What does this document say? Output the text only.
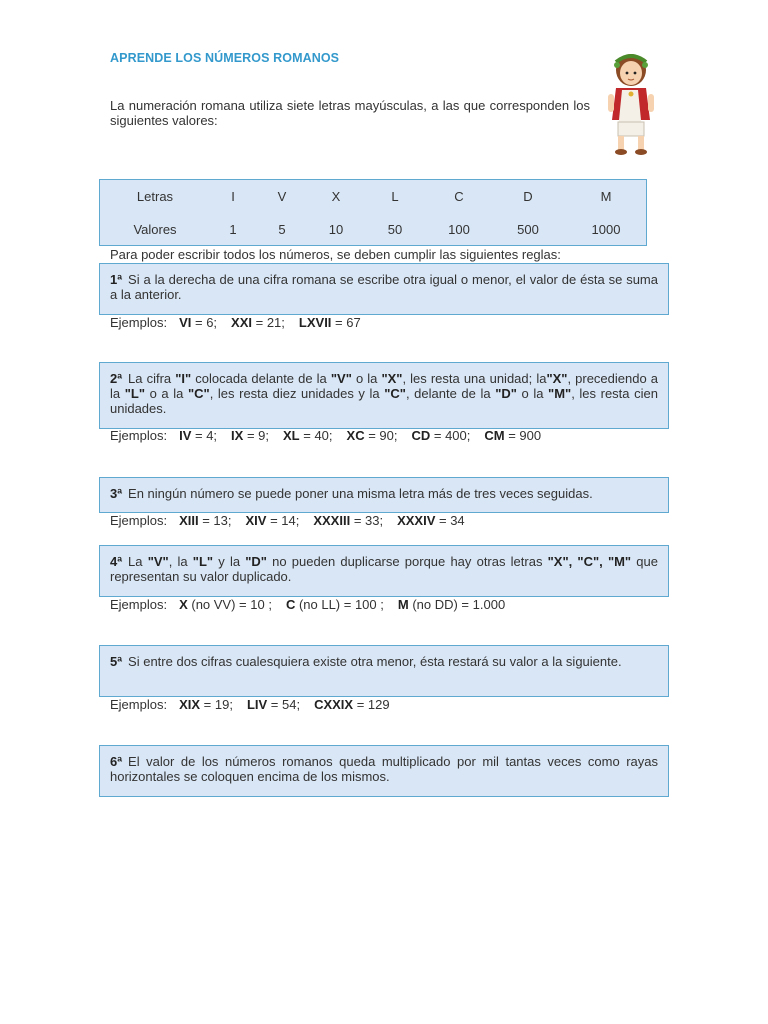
APRENDE LOS NÚMEROS ROMANOS
La numeración romana utiliza siete letras mayúsculas, a las que corresponden los siguientes valores:
Letras	I	V	X	L	C	D	M
Valores	1	5	10	50	100	500	1000
Para poder escribir todos los números, se deben cumplir las siguientes reglas:
1ª Si a la derecha de una cifra romana se escribe otra igual o menor, el valor de ésta se suma a la anterior.
Ejemplos: VI = 6; XXI = 21; LXVII = 67
2ª La cifra "I" colocada delante de la "V" o la "X", les resta una unidad; la"X", precediendo a la "L" o a la "C", les resta diez unidades y la "C", delante de la "D" o la "M", les resta cien unidades.
Ejemplos: IV = 4; IX = 9; XL = 40; XC = 90; CD = 400; CM = 900
3ª En ningún número se puede poner una misma letra más de tres veces seguidas.
Ejemplos: XIII = 13; XIV = 14; XXXIII = 33; XXXIV = 34
4ª La "V", la "L" y la "D" no pueden duplicarse porque hay otras letras "X", "C", "M" que representan su valor duplicado.
Ejemplos: X (no VV) = 10 ; C (no LL) = 100 ; M (no DD) = 1.000
5ª Si entre dos cifras cualesquiera existe otra menor, ésta restará su valor a la siguiente.
Ejemplos: XIX = 19; LIV = 54; CXXIX = 129
6ª El valor de los números romanos queda multiplicado por mil tantas veces como rayas horizontales se coloquen encima de los mismos.
